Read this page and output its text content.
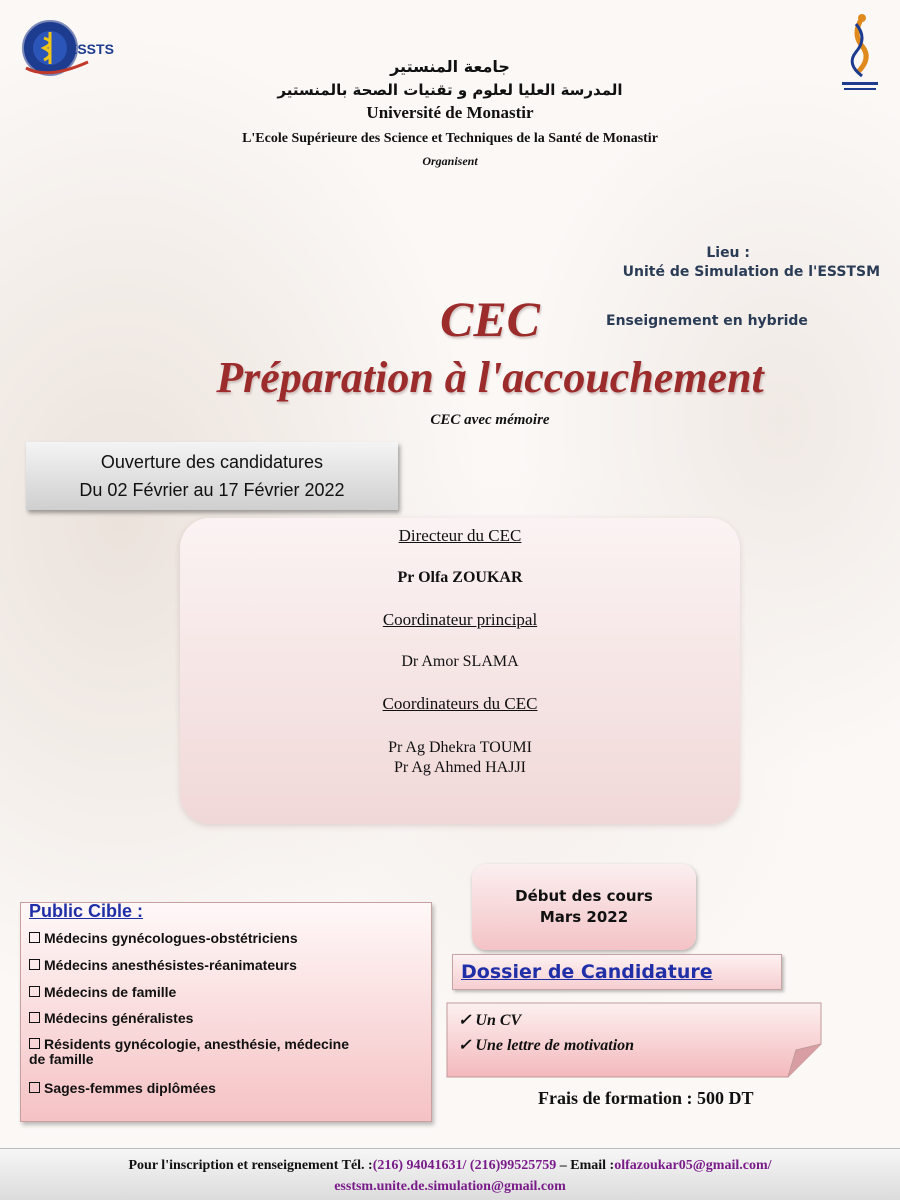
ESSTS
جامعة المنستير
المدرسة العليا لعلوم و تقنيات الصحة بالمنستير
Université de Monastir
L'Ecole Supérieure des Science et Techniques de la Santé de Monastir
Organisent
Lieu :
Unité de Simulation de l'ESSTSM
Enseignement en hybride
CEC
Préparation à l'accouchement
CEC avec mémoire
Ouverture des candidatures
Du 02 Février au 17 Février 2022
Directeur du CEC
Pr Olfa ZOUKAR
Coordinateur principal
Dr Amor SLAMA
Coordinateurs du CEC
Pr Ag Dhekra TOUMI
Pr Ag Ahmed HAJJI
Public Cible :
Médecins gynécologues-obstétriciens
Médecins anesthésistes-réanimateurs
Médecins de famille
Médecins généralistes
Résidents gynécologie, anesthésie, médecine de famille
Sages-femmes diplômées
Début des cours
Mars 2022
Dossier de Candidature
✓ Un CV
✓ Une lettre de motivation
Frais de formation : 500 DT
Pour l'inscription et renseignement Tél. :(216) 94041631/ (216)99525759 – Email :olfazoukar05@gmail.com/
esstsm.unite.de.simulation@gmail.com
